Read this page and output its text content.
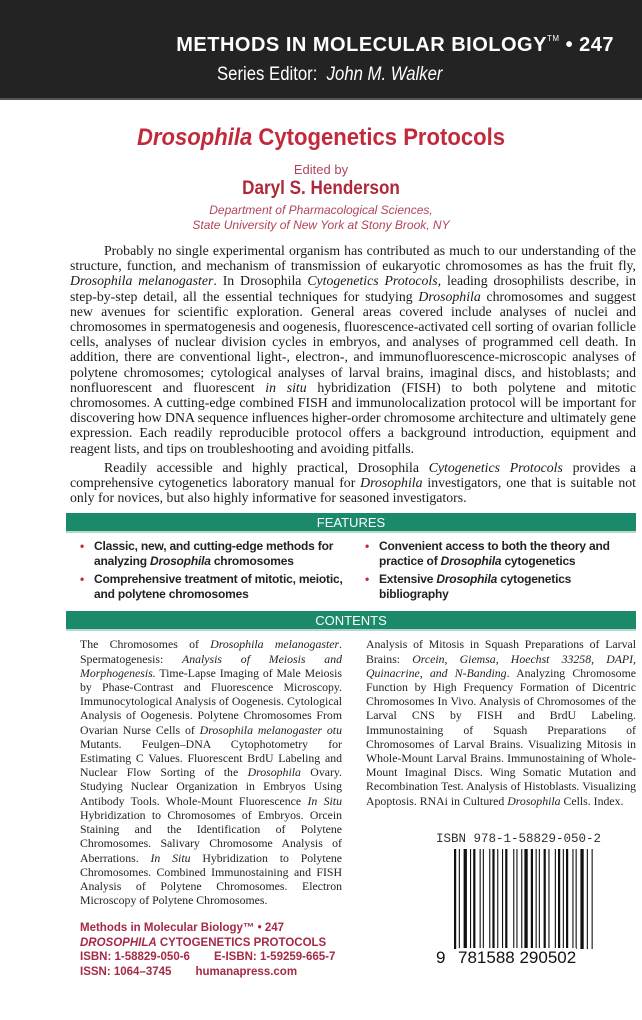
METHODS IN MOLECULAR BIOLOGY™ • 247
Series Editor: John M. Walker
Drosophila Cytogenetics Protocols
Edited by
Daryl S. Henderson
Department of Pharmacological Sciences,
State University of New York at Stony Brook, NY

Probably no single experimental organism has contributed as much to our understanding of the structure, function, and mechanism of transmission of eukaryotic chromosomes as has the fruit fly, Drosophila melanogaster. In Drosophila Cytogenetics Protocols, leading drosophilists describe, in step-by-step detail, all the essential techniques for studying Drosophila chromosomes and suggest new avenues for scientific exploration. General areas covered include analyses of nuclei and chromosomes in spermatogenesis and oogenesis, fluorescence-activated cell sorting of ovarian follicle cells, analyses of nuclear division cycles in embryos, and analyses of programmed cell death. In addition, there are conventional light-, electron-, and immunofluorescence-microscopic analyses of polytene chromosomes; cytological analyses of larval brains, imaginal discs, and histoblasts; and nonfluorescent and fluorescent in situ hybridization (FISH) to both polytene and mitotic chromosomes. A cutting-edge combined FISH and immunolocalization protocol will be important for discovering how DNA sequence influences higher-order chromosome architecture and ultimately gene expression. Each readily reproducible protocol offers a background introduction, equipment and reagent lists, and tips on troubleshooting and avoiding pitfalls.

Readily accessible and highly practical, Drosophila Cytogenetics Protocols provides a comprehensive cytogenetics laboratory manual for Drosophila investigators, one that is suitable not only for novices, but also highly informative for seasoned investigators.

FEATURES
• Classic, new, and cutting-edge methods for analyzing Drosophila chromosomes
• Comprehensive treatment of mitotic, meiotic, and polytene chromosomes
• Convenient access to both the theory and practice of Drosophila cytogenetics
• Extensive Drosophila cytogenetics bibliography
CONTENTS
The Chromosomes of Drosophila melanogaster. Spermatogenesis: Analysis of Meiosis and Morphogenesis. Time-Lapse Imaging of Male Meiosis by Phase-Contrast and Fluorescence Microscopy. Immunocytological Analysis of Oogenesis. Cytological Analysis of Oogenesis. Polytene Chromosomes From Ovarian Nurse Cells of Drosophila melanogaster otu Mutants. Feulgen–DNA Cytophotometry for Estimating C Values. Fluorescent BrdU Labeling and Nuclear Flow Sorting of the Drosophila Ovary. Studying Nuclear Organization in Embryos Using Antibody Tools. Whole-Mount Fluorescence In Situ Hybridization to Chromosomes of Embryos. Orcein Staining and the Identification of Polytene Chromosomes. Salivary Chromosome Analysis of Aberrations. In Situ Hybridization to Polytene Chromosomes. Combined Immunostaining and FISH Analysis of Polytene Chromosomes. Electron Microscopy of Polytene Chromosomes.
Methods in Molecular Biology™ • 247
DROSOPHILA CYTOGENETICS PROTOCOLS
ISBN: 1-58829-050-6 E-ISBN: 1-59259-665-7
ISSN: 1064–3745 humanapress.com
Analysis of Mitosis in Squash Preparations of Larval Brains: Orcein, Giemsa, Hoechst 33258, DAPI, Quinacrine, and N-Banding. Analyzing Chromosome Function by High Frequency Formation of Dicentric Chromosomes In Vivo. Analysis of Chromosomes of the Larval CNS by FISH and BrdU Labeling. Immunostaining of Squash Preparations of Chromosomes of Larval Brains. Visualizing Mitosis in Whole-Mount Larval Brains. Immunostaining of Whole-Mount Imaginal Discs. Wing Somatic Mutation and Recombination Test. Analysis of Histoblasts. Visualizing Apoptosis. RNAi in Cultured Drosophila Cells. Index.
ISBN 978-1-58829-050-2
9 781588 290502
